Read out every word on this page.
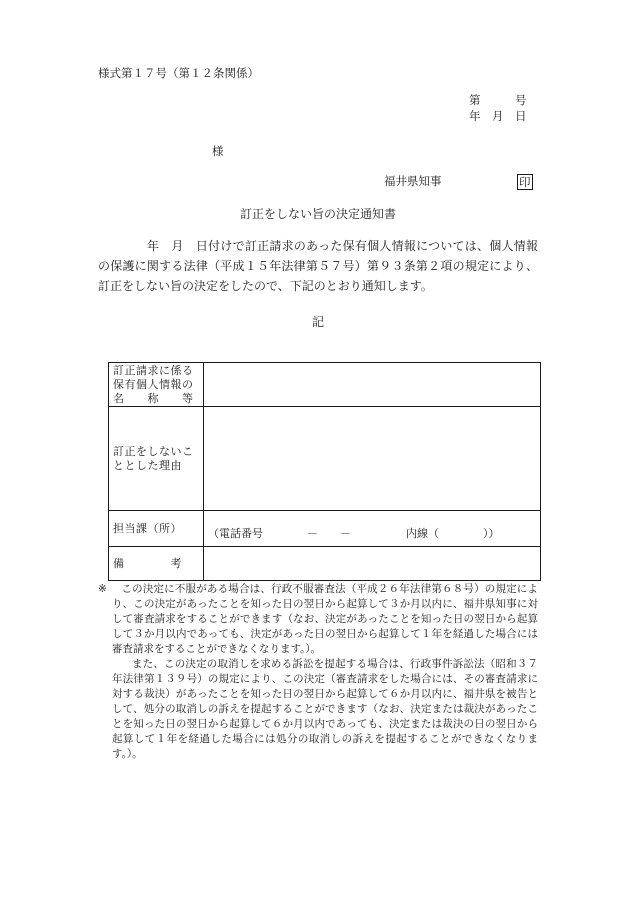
様式第１７号（第１２条関係）
第　　　号
年　月　日
様
福井県知事	印
訂正をしない旨の決定通知書
　　　　年　月　日付けで訂正請求のあった保有個人情報については、個人情報の保護に関する法律（平成１５年法律第５７号）第９３条第２項の規定により、訂正をしない旨の決定をしたので、下記のとおり通知します。
記
訂正請求に係る保有個人情報の名　　称　　等	
訂正をしないこととした理由	
担当課（所）	（電話番号　　　　－　　－　　　　　内線（　　　　））
備　　　　考	
※	この決定に不服がある場合は、行政不服審査法（平成２６年法律第６８号）の規定により、この決定があったことを知った日の翌日から起算して３か月以内に、福井県知事に対して審査請求をすることができます（なお、決定があったことを知った日の翌日から起算して３か月以内であっても、決定があった日の翌日から起算して１年を経過した場合には審査請求をすることができなくなります。）。

また、この決定の取消しを求める訴訟を提起する場合は、行政事件訴訟法（昭和３７年法律第１３９号）の規定により、この決定（審査請求をした場合には、その審査請求に対する裁決）があったことを知った日の翌日から起算して６か月以内に、福井県を被告として、処分の取消しの訴えを提起することができます（なお、決定または裁決があったことを知った日の翌日から起算して６か月以内であっても、決定または裁決の日の翌日から起算して１年を経過した場合には処分の取消しの訴えを提起することができなくなります。）。
